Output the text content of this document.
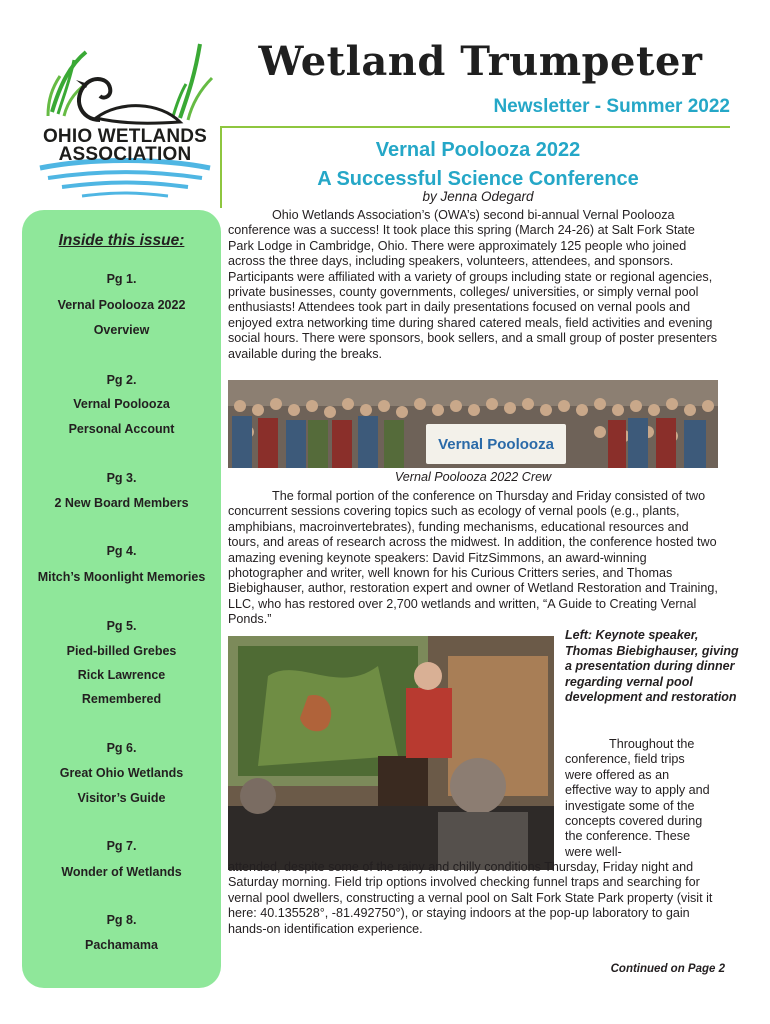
OHIO WETLANDS
ASSOCIATION
Wetland Trumpeter
Newsletter - Summer 2022
Vernal Poolooza 2022
A Successful Science Conference
by Jenna Odegard
Inside this issue:
Pg 1.
Vernal Poolooza 2022
Overview
Pg 2.
Vernal Poolooza
Personal Account
Pg 3.
2 New Board Members
Pg 4.
Mitch’s Moonlight Memories
Pg 5.
Pied-billed Grebes
Rick Lawrence
Remembered
Pg 6.
Great Ohio Wetlands
Visitor’s Guide
Pg 7.
Wonder of Wetlands
Pg 8.
Pachamama
Ohio Wetlands Association’s (OWA’s) second bi-annual Vernal Poolooza conference was a success! It took place this spring (March 24-26) at Salt Fork State Park Lodge in Cambridge, Ohio. There were approximately 125 people who joined across the three days, including speakers, volunteers, attendees, and sponsors. Participants were affiliated with a variety of groups including state or regional agencies, private businesses, county governments, colleges/ universities, or simply vernal pool enthusiasts! Attendees took part in daily presentations focused on vernal pools and enjoyed extra networking time during shared catered meals, field activities and evening social hours. There were sponsors, book sellers, and a small group of poster presenters available during the breaks.
Vernal Poolooza
Vernal Poolooza 2022 Crew
The formal portion of the conference on Thursday and Friday consisted of two concurrent sessions covering topics such as ecology of vernal pools (e.g., plants, amphibians, macroinvertebrates), funding mechanisms, educational resources and tours, and areas of research across the midwest. In addition, the conference hosted two amazing evening keynote speakers: David FitzSimmons, an award-winning photographer and writer, well known for his Curious Critters series, and Thomas Biebighauser, author, restoration expert and owner of Wetland Restoration and Training, LLC, who has restored over 2,700 wetlands and written, “A Guide to Creating Vernal Ponds.”
Left: Keynote speaker, Thomas Biebighauser, giving a presentation during dinner regarding vernal pool development and restoration
Throughout the conference, field trips were offered as an effective way to apply and investigate some of the concepts covered during the conference. These were well-
attended, despite some of the rainy and chilly conditions Thursday, Friday night and Saturday morning. Field trip options involved checking funnel traps and searching for vernal pool dwellers, constructing a vernal pool on Salt Fork State Park property (visit it here: 40.135528°, -81.492750°), or staying indoors at the pop-up laboratory to gain hands-on identification experience.
Continued on Page 2
